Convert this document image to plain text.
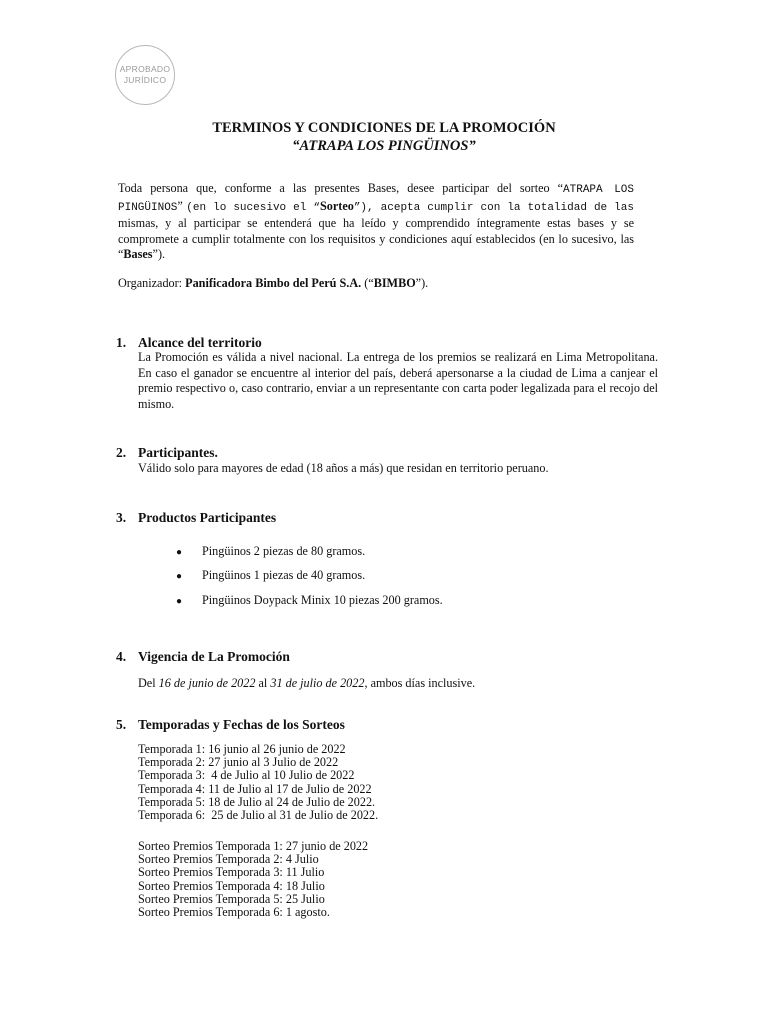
APROBADO
JURÍDICO
TERMINOS Y CONDICIONES DE LA PROMOCIÓN
“ATRAPA LOS PINGÜINOS”
Toda persona que, conforme a las presentes Bases, desee participar del sorteo “ATRAPA LOS PINGÜINOS” (en lo sucesivo el “Sorteo”), acepta cumplir con la totalidad de las mismas, y al participar se entenderá que ha leído y comprendido íntegramente estas bases y se compromete a cumplir totalmente con los requisitos y condiciones aquí establecidos (en lo sucesivo, las “Bases”).
Organizador: Panificadora Bimbo del Perú S.A. (“BIMBO”).
1. Alcance del territorio
La Promoción es válida a nivel nacional. La entrega de los premios se realizará en Lima Metropolitana. En caso el ganador se encuentre al interior del país, deberá apersonarse a la ciudad de Lima a canjear el premio respectivo o, caso contrario, enviar a un representante con carta poder legalizada para el recojo del mismo.
2. Participantes.
Válido solo para mayores de edad (18 años a más) que residan en territorio peruano.
3. Productos Participantes
● Pingüinos 2 piezas de 80 gramos.
● Pingüinos 1 piezas de 40 gramos.
● Pingüinos Doypack Minix 10 piezas 200 gramos.
4. Vigencia de La Promoción
Del 16 de junio de 2022 al 31 de julio de 2022, ambos días inclusive.
5. Temporadas y Fechas de los Sorteos
Temporada 1: 16 junio al 26 junio de 2022
Temporada 2: 27 junio al 3 Julio de 2022
Temporada 3:  4 de Julio al 10 Julio de 2022
Temporada 4: 11 de Julio al 17 de Julio de 2022
Temporada 5: 18 de Julio al 24 de Julio de 2022.
Temporada 6:  25 de Julio al 31 de Julio de 2022.
Sorteo Premios Temporada 1: 27 junio de 2022
Sorteo Premios Temporada 2: 4 Julio
Sorteo Premios Temporada 3: 11 Julio
Sorteo Premios Temporada 4: 18 Julio
Sorteo Premios Temporada 5: 25 Julio
Sorteo Premios Temporada 6: 1 agosto.
